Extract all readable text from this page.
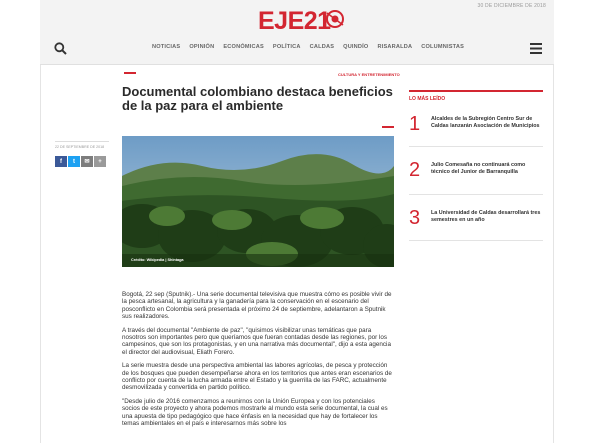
30 DE DICIEMBRE DE 2018
EJE21
NOTICIAS OPINIÓN ECONÓMICAS POLÍTICA CALDAS QUINDÍO RISARALDA COLUMNISTAS
CULTURA Y ENTRETENIMIENTO
Documental colombiano destaca beneficios de la paz para el ambiente
22 DE SEPTIEMBRE DE 2018
f	t	✉	+
Crédito: Wikipedia | Shintaga

Bogotá, 22 sep (Sputnik).- Una serie documental televisiva que muestra cómo es posible vivir de la pesca artesanal, la agricultura y la ganadería para la conservación en el escenario del posconflicto en Colombia será presentada el próximo 24 de septiembre, adelantaron a Sputnik sus realizadores.

A través del documental "Ambiente de paz", "quisimos visibilizar unas temáticas que para nosotros son importantes pero que queríamos que fueran contadas desde las regiones, por los campesinos, que son los protagonistas, y en una narrativa más documental", dijo a esta agencia el director del audiovisual, Eliath Forero.

La serie muestra desde una perspectiva ambiental las labores agrícolas, de pesca y protección de los bosques que pueden desempeñarse ahora en los territorios que antes eran escenarios de conflicto por cuenta de la lucha armada entre el Estado y la guerrilla de las FARC, actualmente desmovilizada y convertida en partido político.

"Desde julio de 2016 comenzamos a reunirnos con la Unión Europea y con los potenciales socios de este proyecto y ahora podemos mostrarle al mundo esta serie documental, la cual es una apuesta de tipo pedagógico que hace énfasis en la necesidad que hay de fortalecer los temas ambientales en el país e interesarnos más sobre los

LO MÁS LEÍDO
1 Alcaldes de la Subregión Centro Sur de Caldas lanzarán Asociación de Municipios
2 Julio Comesaña no continuará como técnico del Junior de Barranquilla
3 La Universidad de Caldas desarrollará tres semestres en un año
